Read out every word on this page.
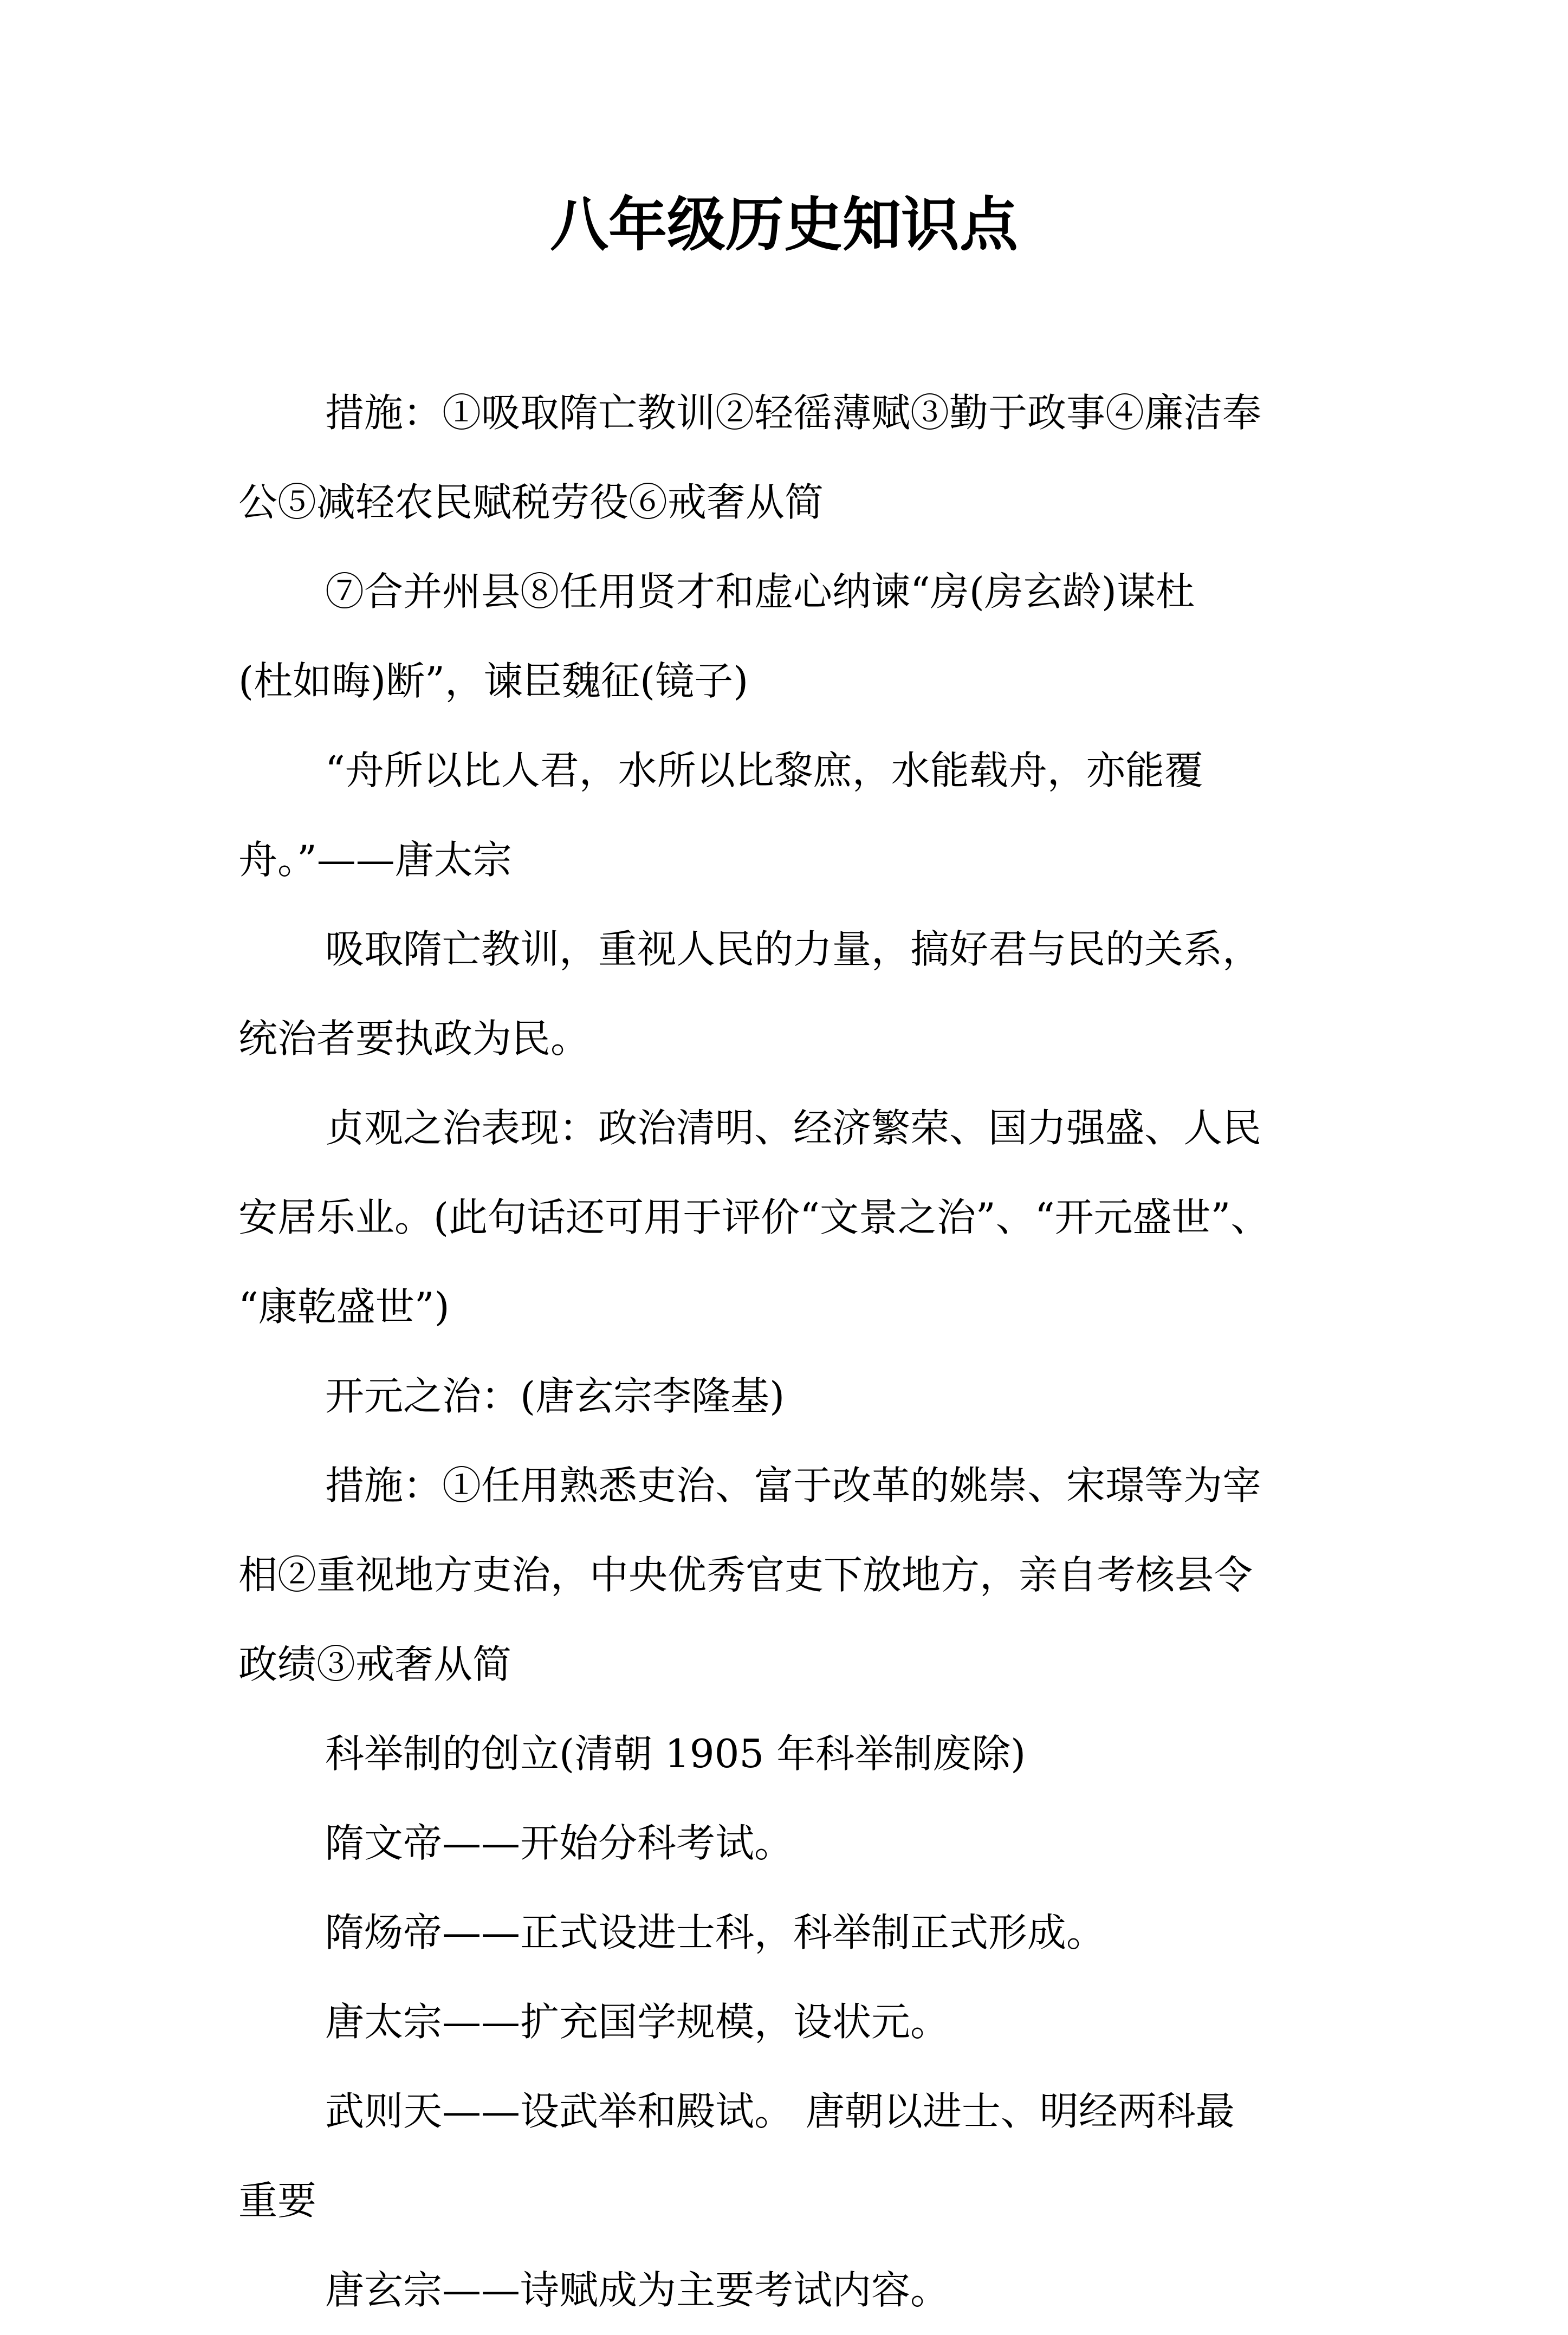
八年级历史知识点
措施：①吸取隋亡教训②轻徭薄赋③勤于政事④廉洁奉
公⑤减轻农民赋税劳役⑥戒奢从简
⑦合并州县⑧任用贤才和虚心纳谏“房(房玄龄)谋杜
(杜如晦)断”，谏臣魏征(镜子)
“舟所以比人君，水所以比黎庶，水能载舟，亦能覆
舟。”——唐太宗
吸取隋亡教训，重视人民的力量，搞好君与民的关系，
统治者要执政为民。
贞观之治表现：政治清明、经济繁荣、国力强盛、人民
安居乐业。(此句话还可用于评价“文景之治”、“开元盛世”、
“康乾盛世”)
开元之治：(唐玄宗李隆基)
措施：①任用熟悉吏治、富于改革的姚崇、宋璟等为宰
相②重视地方吏治，中央优秀官吏下放地方，亲自考核县令
政绩③戒奢从简
科举制的创立(清朝 1905 年科举制废除)
隋文帝——开始分科考试。
隋炀帝——正式设进士科，科举制正式形成。
唐太宗——扩充国学规模，设状元。
武则天——设武举和殿试。 唐朝以进士、明经两科最
重要
唐玄宗——诗赋成为主要考试内容。
